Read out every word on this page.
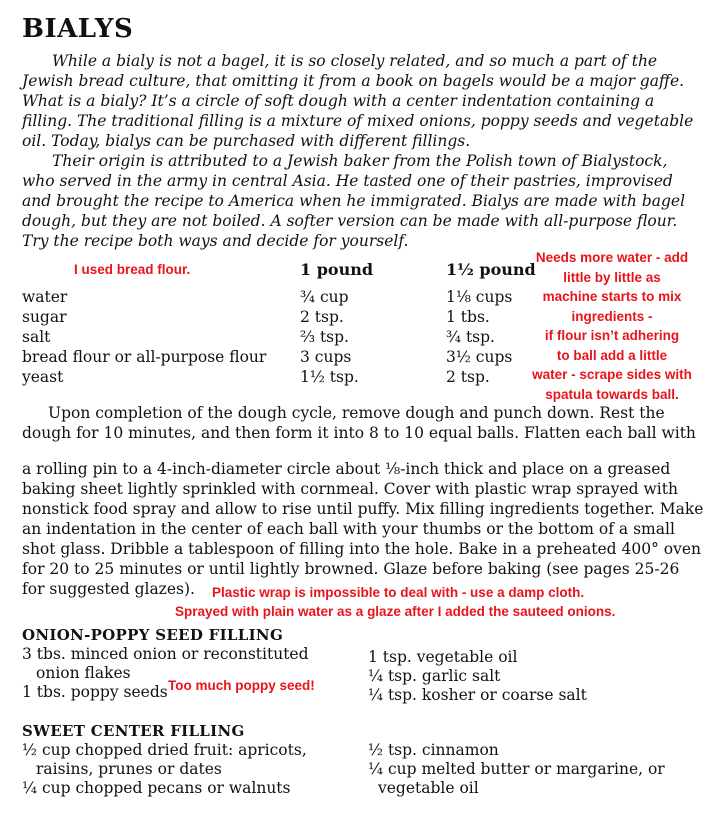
BIALYS
While a bialy is not a bagel, it is so closely related, and so much a part of the
Jewish bread culture, that omitting it from a book on bagels would be a major gaffe.
What is a bialy? It’s a circle of soft dough with a center indentation containing a
filling. The traditional filling is a mixture of mixed onions, poppy seeds and vegetable
oil. Today, bialys can be purchased with different fillings.
Their origin is attributed to a Jewish baker from the Polish town of Bialystock,
who served in the army in central Asia. He tasted one of their pastries, improvised
and brought the recipe to America when he immigrated. Bialys are made with bagel
dough, but they are not boiled. A softer version can be made with all-purpose flour.
Try the recipe both ways and decide for yourself.
I used bread flour.	1 pound	1½ pound
water	¾ cup	1⅛ cups
sugar	2 tsp.	1 tbs.
salt	⅔ tsp.	¾ tsp.
bread flour or all-purpose flour 3 cups	3½ cups
yeast	1½ tsp.	2 tsp.
Needs more water - add
little by little as
machine starts to mix
ingredients -
if flour isn’t adhering
to ball add a little
water - scrape sides with
spatula towards ball.
Upon completion of the dough cycle, remove dough and punch down. Rest the
dough for 10 minutes, and then form it into 8 to 10 equal balls. Flatten each ball with
a rolling pin to a 4-inch-diameter circle about ⅛-inch thick and place on a greased
baking sheet lightly sprinkled with cornmeal. Cover with plastic wrap sprayed with
nonstick food spray and allow to rise until puffy. Mix filling ingredients together. Make
an indentation in the center of each ball with your thumbs or the bottom of a small
shot glass. Dribble a tablespoon of filling into the hole. Bake in a preheated 400° oven
for 20 to 25 minutes or until lightly browned. Glaze before baking (see pages 25-26
for suggested glazes). Plastic wrap is impossible to deal with - use a damp cloth.
Sprayed with plain water as a glaze after I added the sauteed onions.
ONION-POPPY SEED FILLING
3 tbs. minced onion or reconstituted
onion flakes
1 tbs. poppy seeds Too much poppy seed!
1 tsp. vegetable oil
¼ tsp. garlic salt
¼ tsp. kosher or coarse salt
SWEET CENTER FILLING
½ cup chopped dried fruit: apricots,
raisins, prunes or dates
¼ cup chopped pecans or walnuts
½ tsp. cinnamon
¼ cup melted butter or margarine, or
vegetable oil
